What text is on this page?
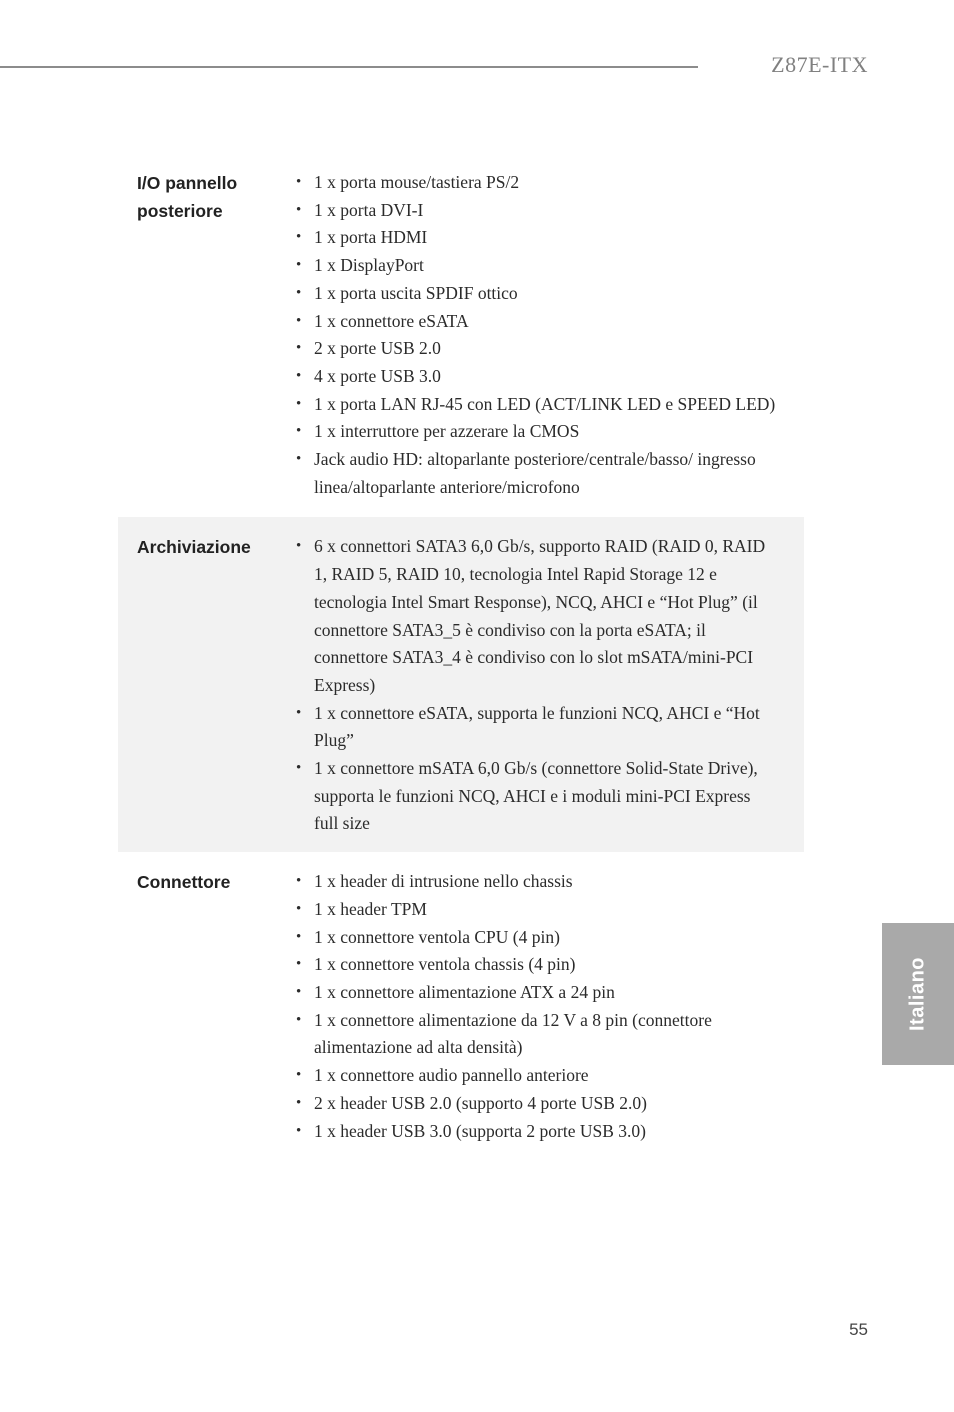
Z87E-ITX
I/O pannello posteriore
• 1 x porta mouse/tastiera PS/2
• 1 x porta DVI-I
• 1 x porta HDMI
• 1 x DisplayPort
• 1 x porta uscita SPDIF ottico
• 1 x connettore eSATA
• 2 x porte USB 2.0
• 4 x porte USB 3.0
• 1 x porta LAN RJ-45 con LED (ACT/LINK LED e SPEED LED)
• 1 x interruttore per azzerare la CMOS
• Jack audio HD: altoparlante posteriore/centrale/basso/ ingresso linea/altoparlante anteriore/microfono
Archiviazione	• 6 x connettori SATA3 6,0 Gb/s, supporto RAID (RAID 0, RAID 1, RAID 5, RAID 10, tecnologia Intel Rapid Storage 12 e tecnologia Intel Smart Response), NCQ, AHCI e “Hot Plug” (il connettore SATA3_5 è condiviso con la porta eSATA; il connettore SATA3_4 è condiviso con lo slot mSATA/mini-PCI Express)
• 1 x connettore eSATA, supporta le funzioni NCQ, AHCI e “Hot Plug”
• 1 x connettore mSATA 6,0 Gb/s (connettore Solid-State Drive), supporta le funzioni NCQ, AHCI e i moduli mini-PCI Express full size
Connettore	• 1 x header di intrusione nello chassis
• 1 x header TPM
• 1 x connettore ventola CPU (4 pin)
• 1 x connettore ventola chassis (4 pin)
• 1 x connettore alimentazione ATX a 24 pin
• 1 x connettore alimentazione da 12 V a 8 pin (connettore alimentazione ad alta densità)
• 1 x connettore audio pannello anteriore
• 2 x header USB 2.0 (supporto 4 porte USB 2.0)
• 1 x header USB 3.0 (supporta 2 porte USB 3.0)
Italiano
55
